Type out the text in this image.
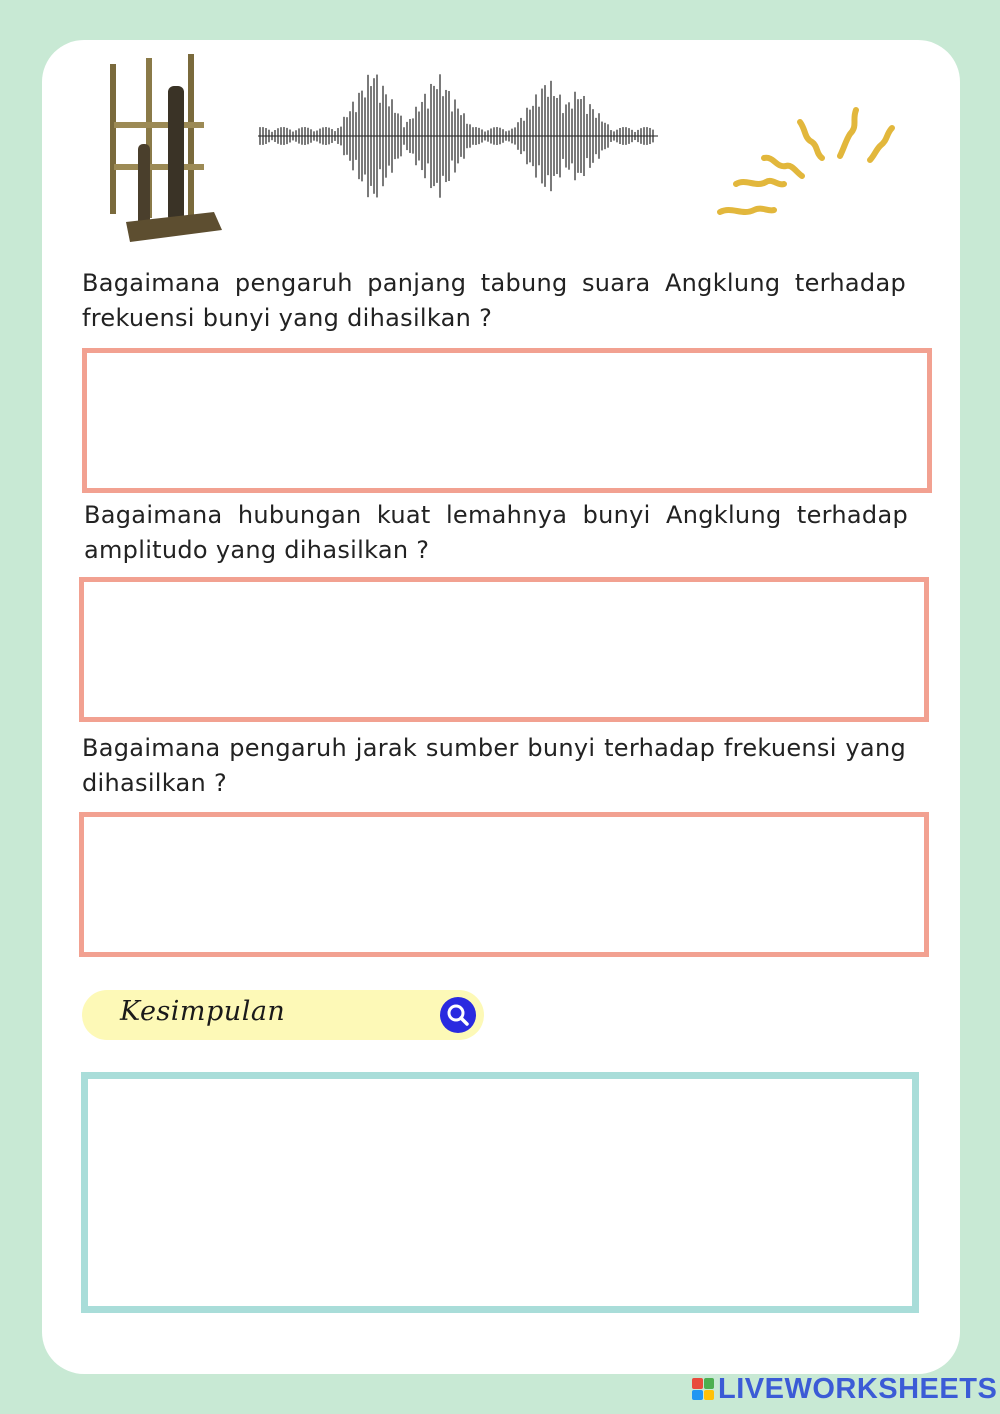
Bagaimana pengaruh panjang tabung suara Angklung terhadap
frekuensi bunyi yang dihasilkan ?
Bagaimana hubungan kuat lemahnya bunyi Angklung terhadap
amplitudo yang dihasilkan ?
Bagaimana pengaruh jarak sumber bunyi terhadap frekuensi yang
dihasilkan ?
Kesimpulan
LIVEWORKSHEETS
